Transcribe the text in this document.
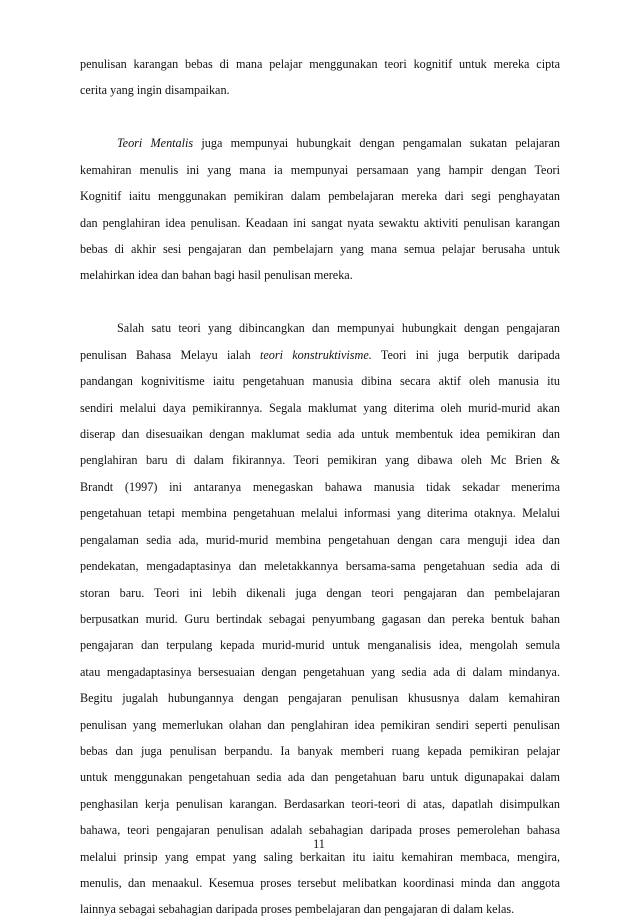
penulisan karangan bebas di mana pelajar menggunakan teori kognitif untuk mereka cipta
cerita yang ingin disampaikan.

Teori Mentalis juga mempunyai hubungkait dengan pengamalan sukatan pelajaran
kemahiran menulis ini yang mana ia mempunyai persamaan yang hampir dengan Teori
Kognitif iaitu menggunakan pemikiran dalam pembelajaran mereka dari segi penghayatan
dan penglahiran idea penulisan. Keadaan ini sangat nyata sewaktu aktiviti penulisan karangan
bebas di akhir sesi pengajaran dan pembelajarn yang mana semua pelajar berusaha untuk
melahirkan idea dan bahan bagi hasil penulisan mereka.

Salah satu teori yang dibincangkan dan mempunyai hubungkait dengan pengajaran
penulisan Bahasa Melayu ialah teori konstruktivisme. Teori ini juga berputik daripada
pandangan kognivitisme iaitu pengetahuan manusia dibina secara aktif oleh manusia itu
sendiri melalui daya pemikirannya. Segala maklumat yang diterima oleh murid-murid akan
diserap dan disesuaikan dengan maklumat sedia ada untuk membentuk idea pemikiran dan
penglahiran baru di dalam fikirannya. Teori pemikiran yang dibawa oleh Mc Brien &
Brandt (1997) ini antaranya menegaskan bahawa manusia tidak sekadar menerima
pengetahuan tetapi membina pengetahuan melalui informasi yang diterima otaknya. Melalui
pengalaman sedia ada, murid-murid membina pengetahuan dengan cara menguji idea dan
pendekatan, mengadaptasinya dan meletakkannya bersama-sama pengetahuan sedia ada di
storan baru. Teori ini lebih dikenali juga dengan teori pengajaran dan pembelajaran
berpusatkan murid. Guru bertindak sebagai penyumbang gagasan dan pereka bentuk bahan
pengajaran dan terpulang kepada murid-murid untuk menganalisis idea, mengolah semula
atau mengadaptasinya bersesuaian dengan pengetahuan yang sedia ada di dalam mindanya.
Begitu jugalah hubungannya dengan pengajaran penulisan khususnya dalam kemahiran
penulisan yang memerlukan olahan dan penglahiran idea pemikiran sendiri seperti penulisan
bebas dan juga penulisan berpandu. Ia banyak memberi ruang kepada pemikiran pelajar
untuk menggunakan pengetahuan sedia ada dan pengetahuan baru untuk digunapakai dalam
penghasilan kerja penulisan karangan. Berdasarkan teori-teori di atas, dapatlah disimpulkan
bahawa, teori pengajaran penulisan adalah sebahagian daripada proses pemerolehan bahasa
melalui prinsip yang empat yang saling berkaitan itu iaitu kemahiran membaca, mengira,
menulis, dan menaakul. Kesemua proses tersebut melibatkan koordinasi minda dan anggota
lainnya sebagai sebahagian daripada proses pembelajaran dan pengajaran di dalam kelas.

11
